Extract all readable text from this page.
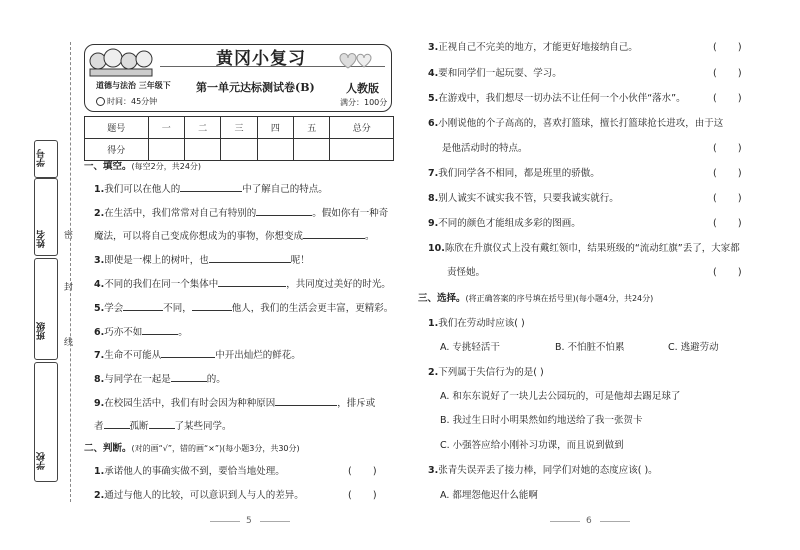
学号
姓名
班级
学校
密
封
线
黄冈小复习
道德与法治 三年级下
时间：45分钟
第一单元达标测试卷(B)	人教版
满分：100分
题号	一	二	三	四	五	总分
得分						
一、填空。(每空2分，共24分)
1.我们可以在他人的	中了解自己的特点。
2.在生活中，我们常常对自己有特别的	。假如你有一种奇
魔法，可以将自己变成你想成为的事物，你想变成	。
3.即使是一棵上的树叶，也	呢！
4.不同的我们在同一个集体中	，共同度过美好的时光。
5.学会	不同，	他人，我们的生活会更丰富，更精彩。
6.巧亦不如	。
7.生命不可能从	中开出灿烂的鲜花。
8.与同学在一起是	的。
9.在校园生活中，我们有时会因为种种原因	，排斥或
者	孤断	了某些同学。
二、判断。(对的画“√”，错的画“×”)(每小题3分，共30分)
1.承诺他人的事确实做不到，要恰当地处理。	(       )
2.通过与他人的比较，可以意识到人与人的差异。	(       )
5
3.正视自己不完美的地方，才能更好地接纳自己。	(       )
4.要和同学们一起玩耍、学习。	(       )
5.在游戏中，我们想尽一切办法不让任何一个小伙伴“落水”。	(       )
6.小刚说他的个子高高的，喜欢打篮球，擅长打篮球抢长进攻，由于这
是他活动时的特点。	(       )
7.我们同学各不相同，都是班里的骄傲。	(       )
8.别人诚实不诚实我不管，只要我诚实就行。	(       )
9.不同的颜色才能组成多彩的图画。	(       )
10.陈欣在升旗仪式上没有戴红领巾，结果班级的“流动红旗”丢了，大家都
责怪她。	(       )
三、选择。(将正确答案的序号填在括号里)(每小题4分，共24分)
1.我们在劳动时应该( )
A. 专挑轻活干	B. 不怕脏不怕累	C. 逃避劳动
2.下列属于失信行为的是( )
A. 和东东说好了一块儿去公园玩的，可是他却去踢足球了
B. 我过生日时小明果然如约地送给了我一张贺卡
C. 小强答应给小刚补习功课，而且说到做到
3.张青失误弄丢了接力棒，同学们对她的态度应该( )。
A. 都埋怨他迟什么能啊
6
